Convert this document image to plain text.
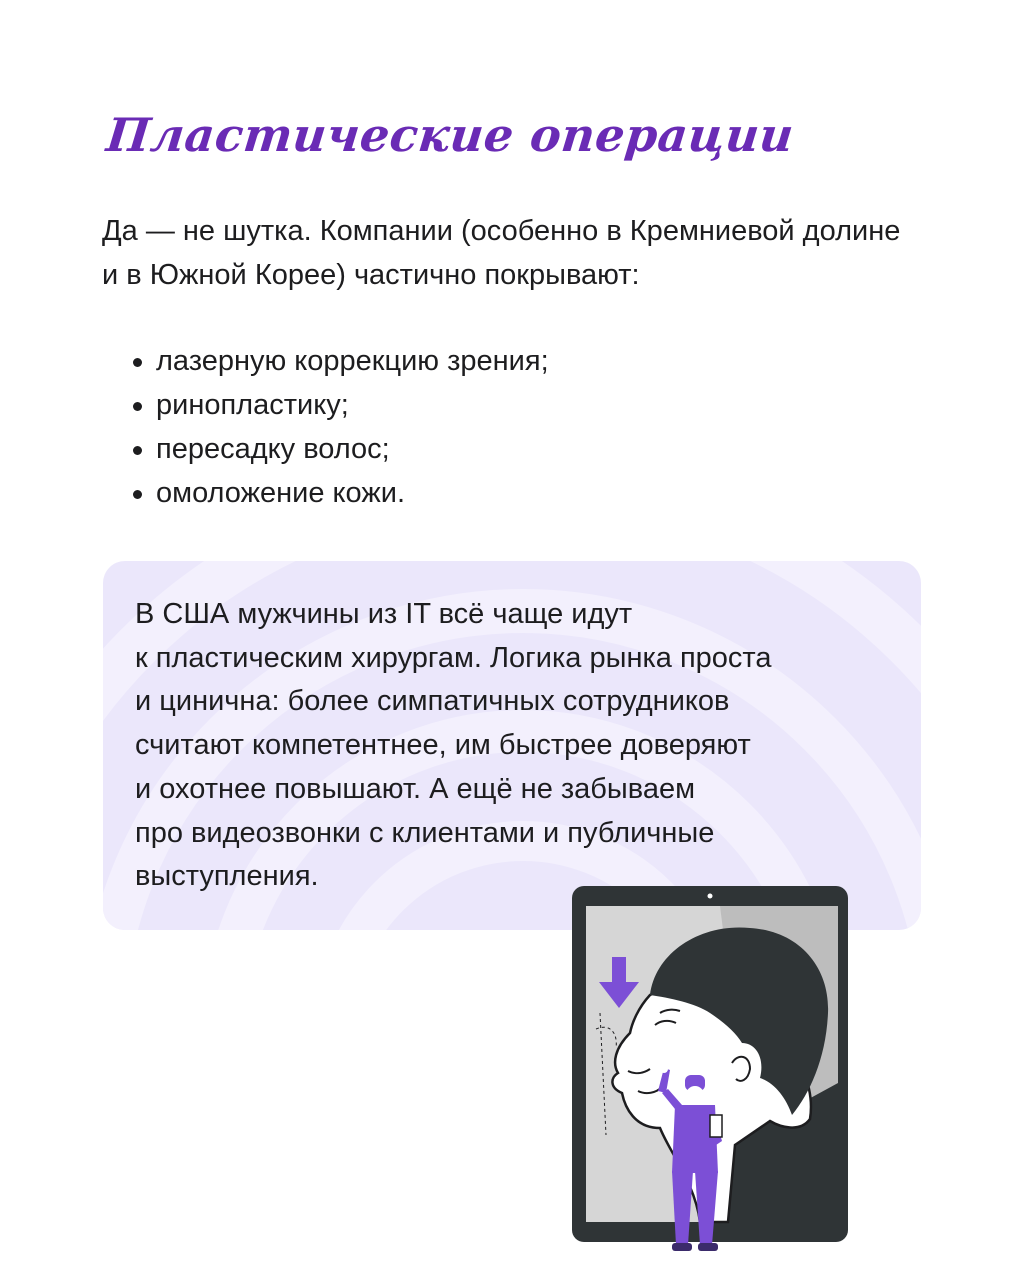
Пластические операции

Да — не шутка. Компании (особенно в Кремниевой долине и в Южной Корее) частично покрывают:

лазерную коррекцию зрения;
ринопластику;
пересадку волос;
омоложение кожи.

В США мужчины из IT всё чаще идут
к пластическим хирургам. Логика рынка проста
и цинична: более симпатичных сотрудников
считают компетентнее, им быстрее доверяют
и охотнее повышают. А ещё не забываем
про видеозвонки с клиентами и публичные
выступления.
